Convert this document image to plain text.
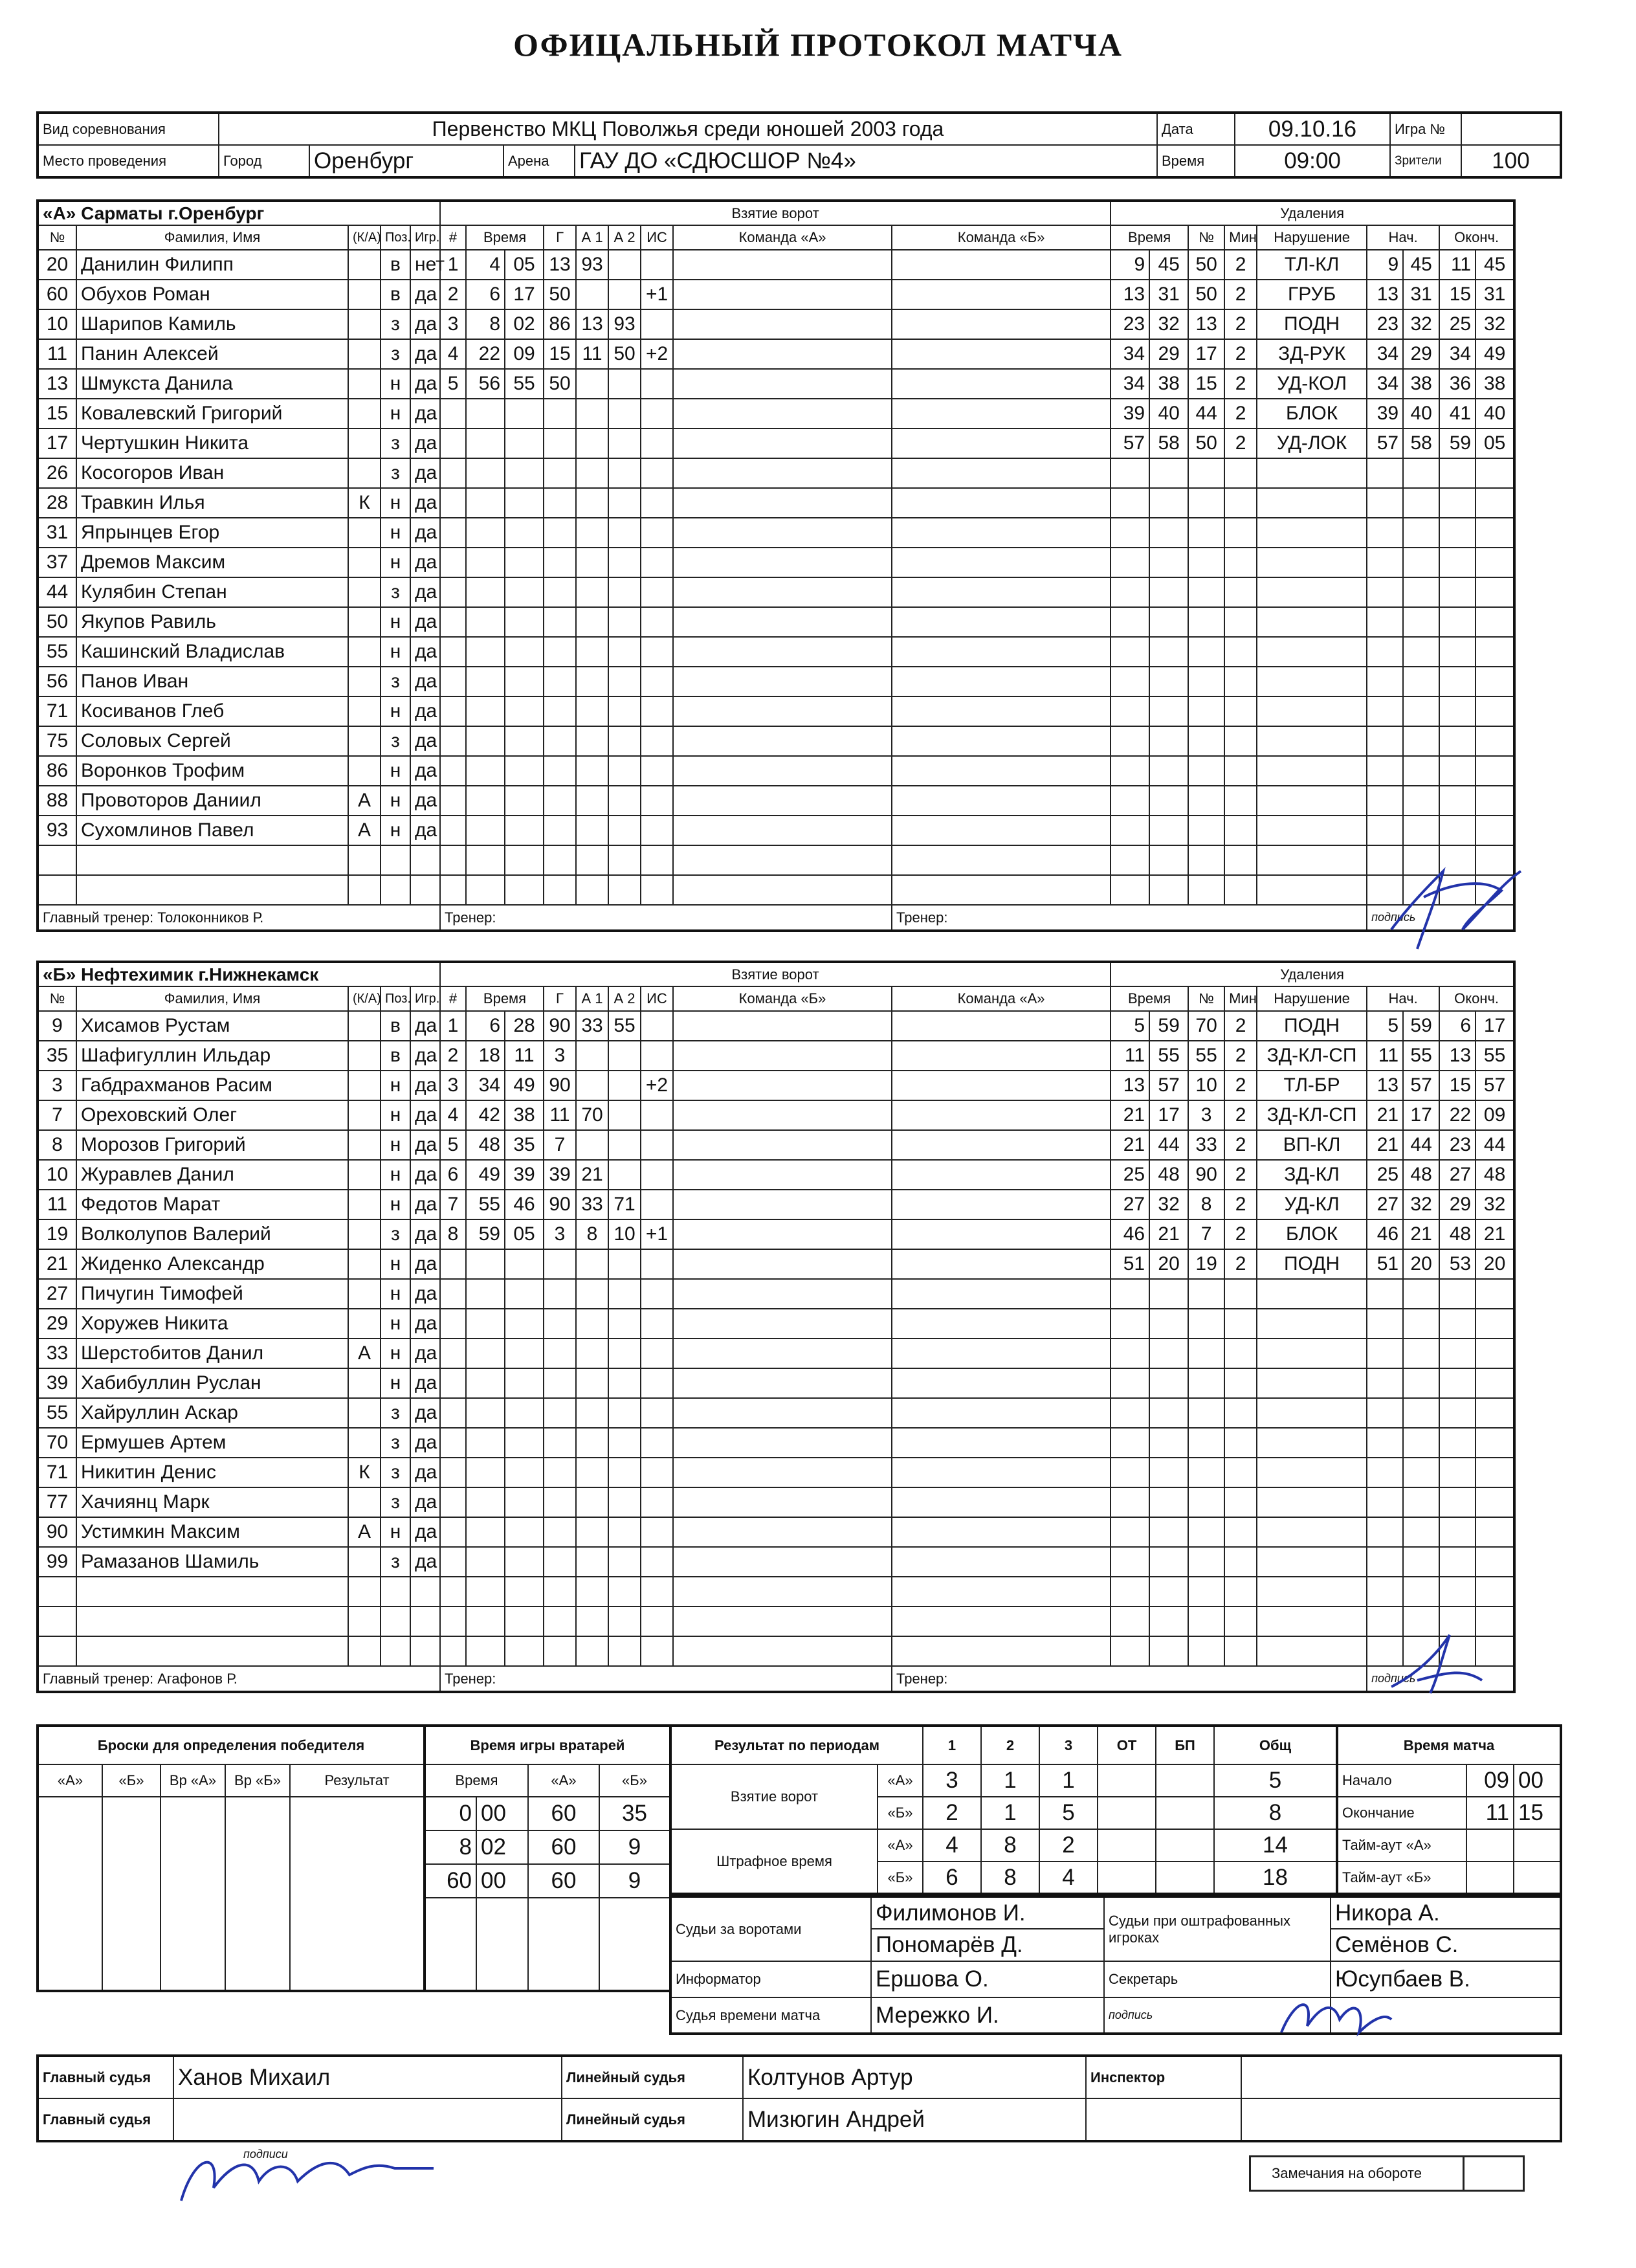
ОФИЦАЛЬНЫЙ ПРОТОКОЛ МАТЧА
Вид соревнования	Первенство МКЦ Поволжья среди юношей 2003 года				Дата	09.10.16	Игра №	
Место проведения	Город	Оренбург	Арена	ГАУ ДО «СДЮСШОР №4»	Время	09:00	Зрители	100
«А» Сарматы г.Оренбург					Взятие ворот									Удаления								
№	Фамилия, Имя	(К/А)	Поз.	Игр.	#	Время		Г	А 1	А 2	ИС	Команда «А»	Команда «Б»	Время		№	Мин	Нарушение	Нач.		Оконч.	
20	Данилин Филипп		в	нет	1	4	05	13	93					9	45	50	2	ТЛ-КЛ	9	45	11	45
60	Обухов Роман		в	да	2	6	17	50			+1			13	31	50	2	ГРУБ	13	31	15	31
10	Шарипов Камиль		з	да	3	8	02	86	13	93				23	32	13	2	ПОДН	23	32	25	32
11	Панин Алексей		з	да	4	22	09	15	11	50	+2			34	29	17	2	ЗД-РУК	34	29	34	49
13	Шмукста Данила		н	да	5	56	55	50						34	38	15	2	УД-КОЛ	34	38	36	38
15	Ковалевский Григорий		н	да										39	40	44	2	БЛОК	39	40	41	40
17	Чертушкин Никита		з	да										57	58	50	2	УД-ЛОК	57	58	59	05
26	Косогоров Иван		з	да																		
28	Травкин Илья	К	н	да																		
31	Япрынцев Егор		н	да																		
37	Дремов Максим		н	да																		
44	Кулябин Степан		з	да																		
50	Якупов Равиль		н	да																		
55	Кашинский Владислав		н	да																		
56	Панов Иван		з	да																		
71	Косиванов Глеб		н	да																		
75	Соловых Сергей		з	да																		
86	Воронков Трофим		н	да																		
88	Провоторов Даниил	А	н	да																		
93	Сухомлинов Павел	А	н	да																		

Главный тренер: Толоконников Р.					Тренер:								Тренер:						подпись			
«Б» Нефтехимик г.Нижнекамск					Взятие ворот									Удаления								
№	Фамилия, Имя	(К/А)	Поз.	Игр.	#	Время		Г	А 1	А 2	ИС	Команда «Б»	Команда «А»	Время		№	Мин	Нарушение	Нач.		Оконч.	
9	Хисамов Рустам		в	да	1	6	28	90	33	55				5	59	70	2	ПОДН	5	59	6	17
35	Шафигуллин Ильдар		в	да	2	18	11	3						11	55	55	2	ЗД-КЛ-СП	11	55	13	55
3	Габдрахманов Расим		н	да	3	34	49	90			+2			13	57	10	2	ТЛ-БР	13	57	15	57
7	Ореховский Олег		н	да	4	42	38	11	70					21	17	3	2	ЗД-КЛ-СП	21	17	22	09
8	Морозов Григорий		н	да	5	48	35	7						21	44	33	2	ВП-КЛ	21	44	23	44
10	Журавлев Данил		н	да	6	49	39	39	21					25	48	90	2	ЗД-КЛ	25	48	27	48
11	Федотов Марат		н	да	7	55	46	90	33	71				27	32	8	2	УД-КЛ	27	32	29	32
19	Волколупов Валерий		з	да	8	59	05	3	8	10	+1			46	21	7	2	БЛОК	46	21	48	21
21	Жиденко Александр		н	да										51	20	19	2	ПОДН	51	20	53	20
27	Пичугин Тимофей		н	да																		
29	Хоружев Никита		н	да																		
33	Шерстобитов Данил	А	н	да																		
39	Хабибуллин Руслан		н	да																		
55	Хайруллин Аскар		з	да																		
70	Ермушев Артем		з	да																		
71	Никитин Денис	К	з	да																		
77	Хачиянц Марк		з	да																		
90	Устимкин Максим	А	н	да																		
99	Рамазанов Шамиль		з	да																		

Главный тренер: Агафонов Р.					Тренер:								Тренер:						подпись			
Броски для определения победителя				
«А»	«Б»	Вр «А»	Вр «Б»	Результат

Время игры вратарей			
Время		«А»	«Б»
0	00	60	35
8	02	60	9
60	00	60	9

Результат по периодам		1	2	3	ОТ	БП	Общ
Взятие ворот	«А»	3	1	1			5
	«Б»	2	1	5			8
Штрафное время	«А»	4	8	2			14
	«Б»	6	8	4			18
Время матча		
Начало	09	00
Окончание	11	15
Тайм-аут «А»		
Тайм-аут «Б»		
Судьи за воротами	Филимонов И.	Судьи при оштрафованных игроках	Никора А.
	Пономарёв Д.		Семёнов С.
Информатор	Ершова О.	Секретарь	Юсупбаев В.
Судья времени матча	Мережко И.	подпись	
Главный судья	Ханов Михаил	Линейный судья	Колтунов Артур	Инспектор	
Главный судья		Линейный судья	Мизюгин Андрей		
подписи
Замечания на обороте
